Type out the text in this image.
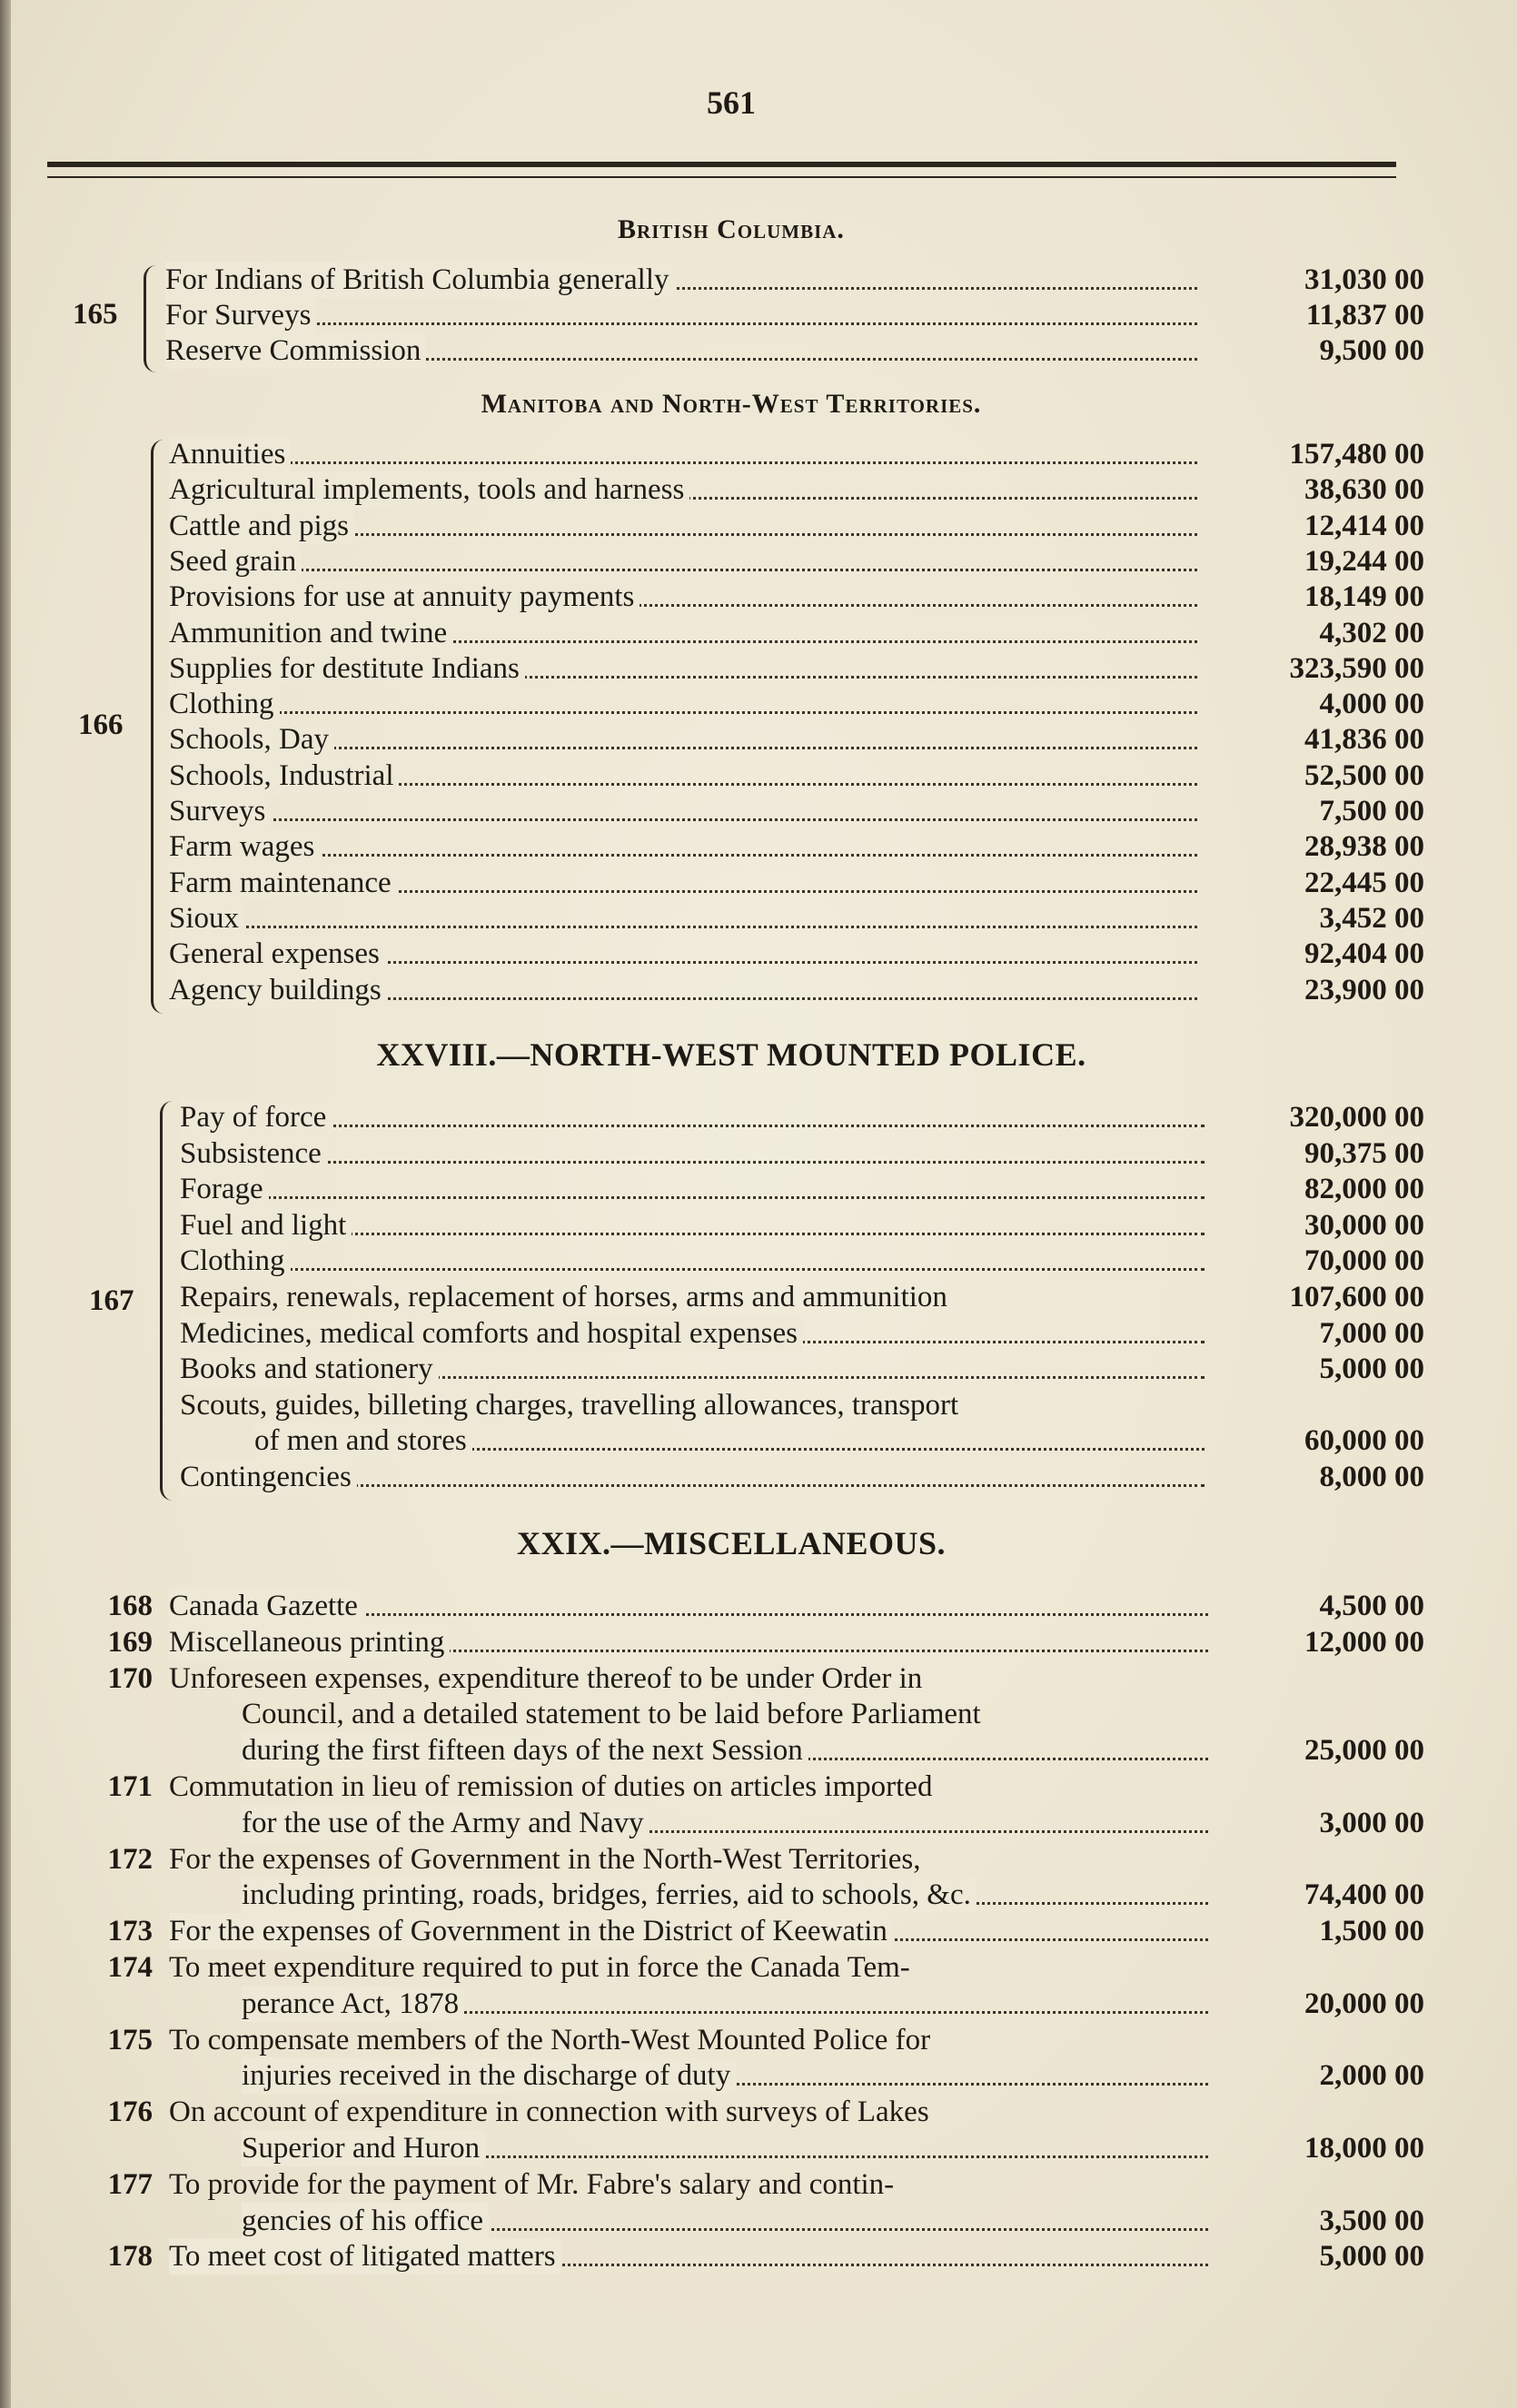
561
British Columbia.
165
For Indians of British Columbia generally	31,030 00
For Surveys	11,837 00
Reserve Commission	9,500 00
Manitoba and North-West Territories.
166
Annuities	157,480 00
Agricultural implements, tools and harness	38,630 00
Cattle and pigs	12,414 00
Seed grain	19,244 00
Provisions for use at annuity payments	18,149 00
Ammunition and twine	4,302 00
Supplies for destitute Indians	323,590 00
Clothing	4,000 00
Schools, Day	41,836 00
Schools, Industrial	52,500 00
Surveys	7,500 00
Farm wages	28,938 00
Farm maintenance	22,445 00
Sioux	3,452 00
General expenses	92,404 00
Agency buildings	23,900 00
XXVIII.—NORTH-WEST MOUNTED POLICE.
167
Pay of force	320,000 00
Subsistence	90,375 00
Forage	82,000 00
Fuel and light	30,000 00
Clothing	70,000 00
Repairs, renewals, replacement of horses, arms and ammunition	107,600 00
Medicines, medical comforts and hospital expenses	7,000 00
Books and stationery	5,000 00
Scouts, guides, billeting charges, travelling allowances, transport
of men and stores	60,000 00
Contingencies	8,000 00
XXIX.—MISCELLANEOUS.
168 Canada Gazette	4,500 00
169 Miscellaneous printing	12,000 00
170 Unforeseen expenses, expenditure thereof to be under Order in
Council, and a detailed statement to be laid before Parliament
during the first fifteen days of the next Session	25,000 00
171 Commutation in lieu of remission of duties on articles imported
for the use of the Army and Navy	3,000 00
172 For the expenses of Government in the North-West Territories,
including printing, roads, bridges, ferries, aid to schools, &c.	74,400 00
173 For the expenses of Government in the District of Keewatin	1,500 00
174 To meet expenditure required to put in force the Canada Tem-
perance Act, 1878	20,000 00
175 To compensate members of the North-West Mounted Police for
injuries received in the discharge of duty	2,000 00
176 On account of expenditure in connection with surveys of Lakes
Superior and Huron	18,000 00
177 To provide for the payment of Mr. Fabre's salary and contin-
gencies of his office	3,500 00
178 To meet cost of litigated matters	5,000 00
